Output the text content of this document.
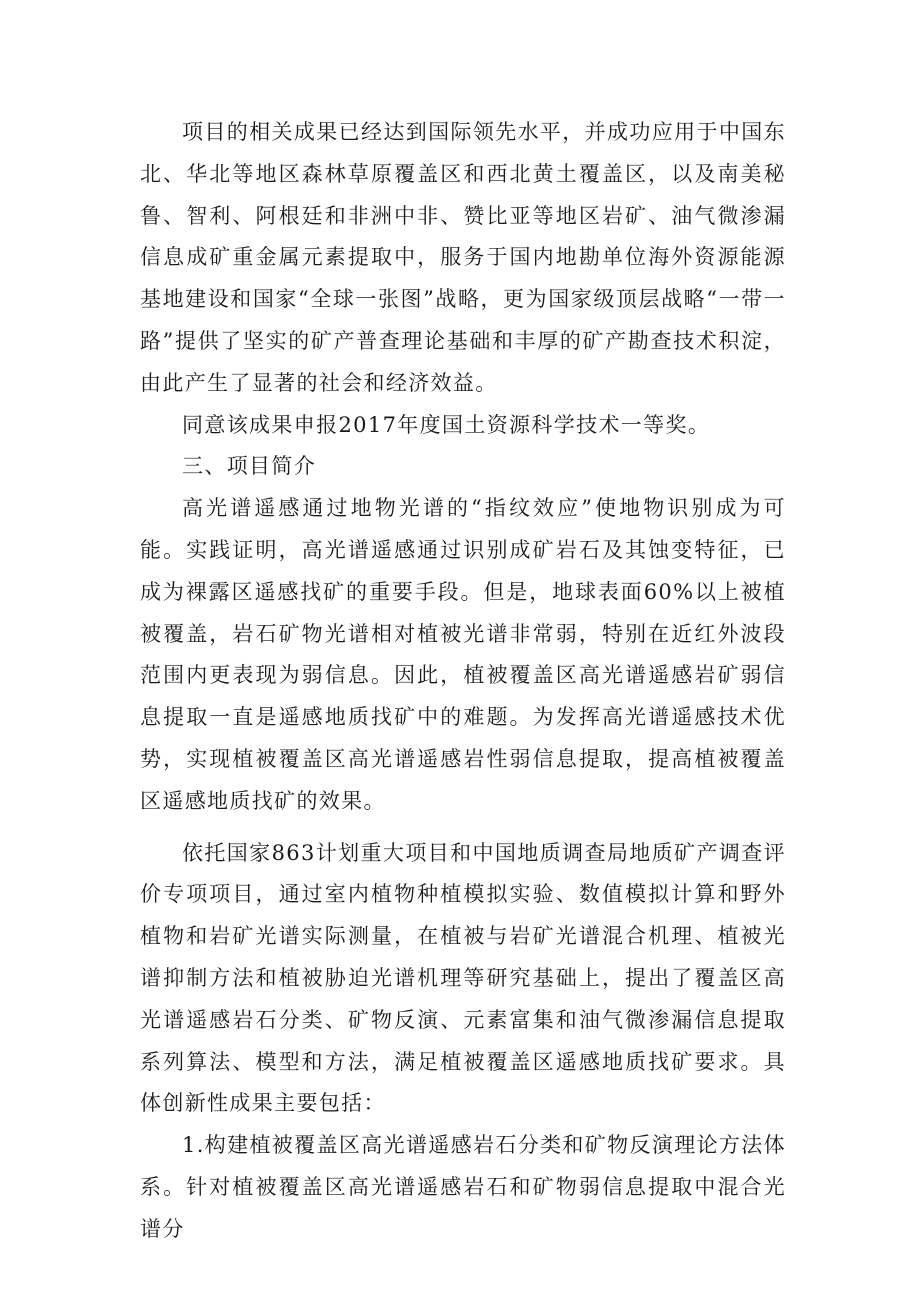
项目的相关成果已经达到国际领先水平，并成功应用于中国东北、华北等地区森林草原覆盖区和西北黄土覆盖区，以及南美秘鲁、智利、阿根廷和非洲中非、赞比亚等地区岩矿、油气微渗漏信息成矿重金属元素提取中，服务于国内地勘单位海外资源能源基地建设和国家“全球一张图”战略，更为国家级顶层战略“一带一路”提供了坚实的矿产普查理论基础和丰厚的矿产勘查技术积淀，由此产生了显著的社会和经济效益。

同意该成果申报2017年度国土资源科学技术一等奖。

三、项目简介

高光谱遥感通过地物光谱的“指纹效应”使地物识别成为可能。实践证明，高光谱遥感通过识别成矿岩石及其蚀变特征，已成为裸露区遥感找矿的重要手段。但是，地球表面60%以上被植被覆盖，岩石矿物光谱相对植被光谱非常弱，特别在近红外波段范围内更表现为弱信息。因此，植被覆盖区高光谱遥感岩矿弱信息提取一直是遥感地质找矿中的难题。为发挥高光谱遥感技术优势，实现植被覆盖区高光谱遥感岩性弱信息提取，提高植被覆盖区遥感地质找矿的效果。

依托国家863计划重大项目和中国地质调查局地质矿产调查评价专项项目，通过室内植物种植模拟实验、数值模拟计算和野外植物和岩矿光谱实际测量，在植被与岩矿光谱混合机理、植被光谱抑制方法和植被胁迫光谱机理等研究基础上，提出了覆盖区高光谱遥感岩石分类、矿物反演、元素富集和油气微渗漏信息提取系列算法、模型和方法，满足植被覆盖区遥感地质找矿要求。具体创新性成果主要包括：

1.构建植被覆盖区高光谱遥感岩石分类和矿物反演理论方法体系。针对植被覆盖区高光谱遥感岩石和矿物弱信息提取中混合光谱分
